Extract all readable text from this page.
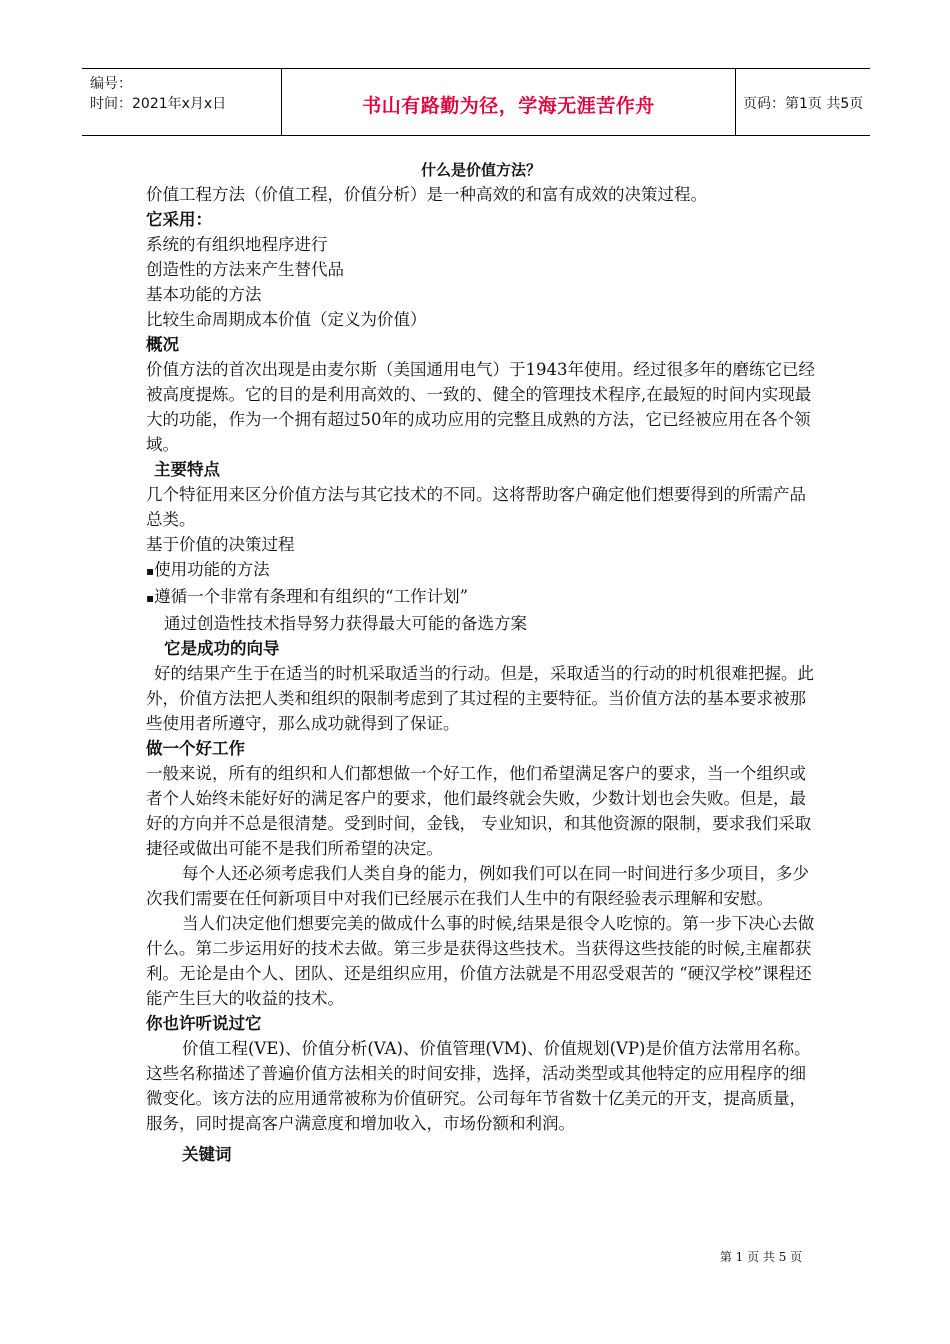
编号：
时间：2021年x月x日	书山有路勤为径，学海无涯苦作舟	页码：第1页 共5页

什么是价值方法？

价值工程方法（价值工程，价值分析）是一种高效的和富有成效的决策过程。

它采用：

系统的有组织地程序进行

创造性的方法来产生替代品

基本功能的方法

比较生命周期成本价值（定义为价值）

概况

价值方法的首次出现是由麦尔斯（美国通用电气）于1943年使用。经过很多年的磨练它已经被高度提炼。它的目的是利用高效的、一致的、健全的管理技术程序,在最短的时间内实现最大的功能，作为一个拥有超过50年的成功应用的完整且成熟的方法，它已经被应用在各个领域。

主要特点

几个特征用来区分价值方法与其它技术的不同。这将帮助客户确定他们想要得到的所需产品总类。

基于价值的决策过程

▪ 使用功能的方法

▪ 遵循一个非常有条理和有组织的“工作计划”

通过创造性技术指导努力获得最大可能的备选方案

它是成功的向导

好的结果产生于在适当的时机采取适当的行动。但是，采取适当的行动的时机很难把握。此外，价值方法把人类和组织的限制考虑到了其过程的主要特征。当价值方法的基本要求被那些使用者所遵守，那么成功就得到了保证。

做一个好工作

一般来说，所有的组织和人们都想做一个好工作，他们希望满足客户的要求，当一个组织或者个人始终未能好好的满足客户的要求，他们最终就会失败，少数计划也会失败。但是，最好的方向并不总是很清楚。受到时间，金钱， 专业知识，和其他资源的限制，要求我们采取捷径或做出可能不是我们所希望的决定。

每个人还必须考虑我们人类自身的能力，例如我们可以在同一时间进行多少项目，多少次我们需要在任何新项目中对我们已经展示在我们人生中的有限经验表示理解和安慰。

当人们决定他们想要完美的做成什么事的时候,结果是很令人吃惊的。第一步下决心去做什么。第二步运用好的技术去做。第三步是获得这些技术。当获得这些技能的时候,主雇都获利。无论是由个人、团队、还是组织应用，价值方法就是不用忍受艰苦的 “硬汉学校”课程还能产生巨大的收益的技术。

你也许听说过它

价值工程(VE)、价值分析(VA)、价值管理(VM)、价值规划(VP)是价值方法常用名称。这些名称描述了普遍价值方法相关的时间安排，选择，活动类型或其他特定的应用程序的细微变化。该方法的应用通常被称为价值研究。公司每年节省数十亿美元的开支，提高质量，服务，同时提高客户满意度和增加收入，市场份额和利润。

关键词

第 1 页 共 5 页
